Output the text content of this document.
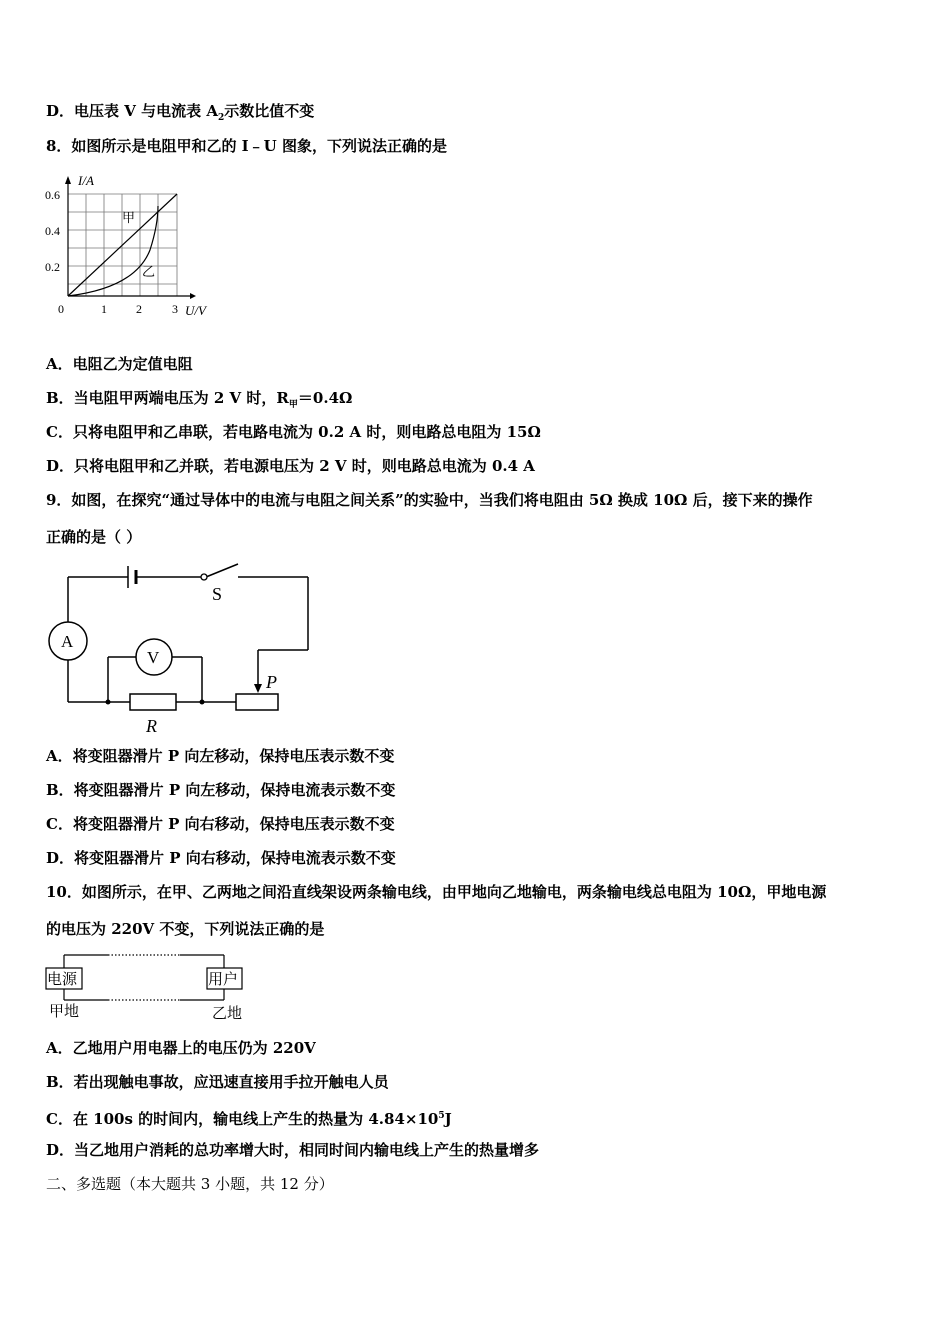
D．电压表 V 与电流表 $A_2$示数比值不变
8．如图所示是电阻甲和乙的 I﹣U 图象，下列说法正确的是
I/A
U/V
0
0.6
0.4
0.2
1 2	3
甲
乙
A．电阻乙为定值电阻
B．当电阻甲两端电压为 2 V 时，$R_甲=0.4\Omega$
C．只将电阻甲和乙串联，若电路电流为 0.2 A 时，则电路总电阻为 15Ω
D．只将电阻甲和乙并联，若电源电压为 2 V 时，则电路总电流为 0.4 A
9．如图，在探究“通过导体中的电流与电阻之间关系”的实验中，当我们将电阻由 5Ω 换成 10Ω 后，接下来的操作
正确的是（ ）
S
A
V
R
P
A．将变阻器滑片 P 向左移动，保持电压表示数不变
B．将变阻器滑片 P 向左移动，保持电流表示数不变
C．将变阻器滑片 P 向右移动，保持电压表示数不变
D．将变阻器滑片 P 向右移动，保持电流表示数不变
10．如图所示，在甲、乙两地之间沿直线架设两条输电线，由甲地向乙地输电，两条输电线总电阻为 10Ω，甲地电源
的电压为 220V 不变，下列说法正确的是
电源	用户
甲地	乙地
A．乙地用户用电器上的电压仍为 220V
B．若出现触电事故，应迅速直接用手拉开触电人员
C．在 100s 的时间内，输电线上产生的热量为 $4.84\times 10^5J$
D．当乙地用户消耗的总功率增大时，相同时间内输电线上产生的热量增多
二、多选题（本大题共 3 小题，共 12 分）
